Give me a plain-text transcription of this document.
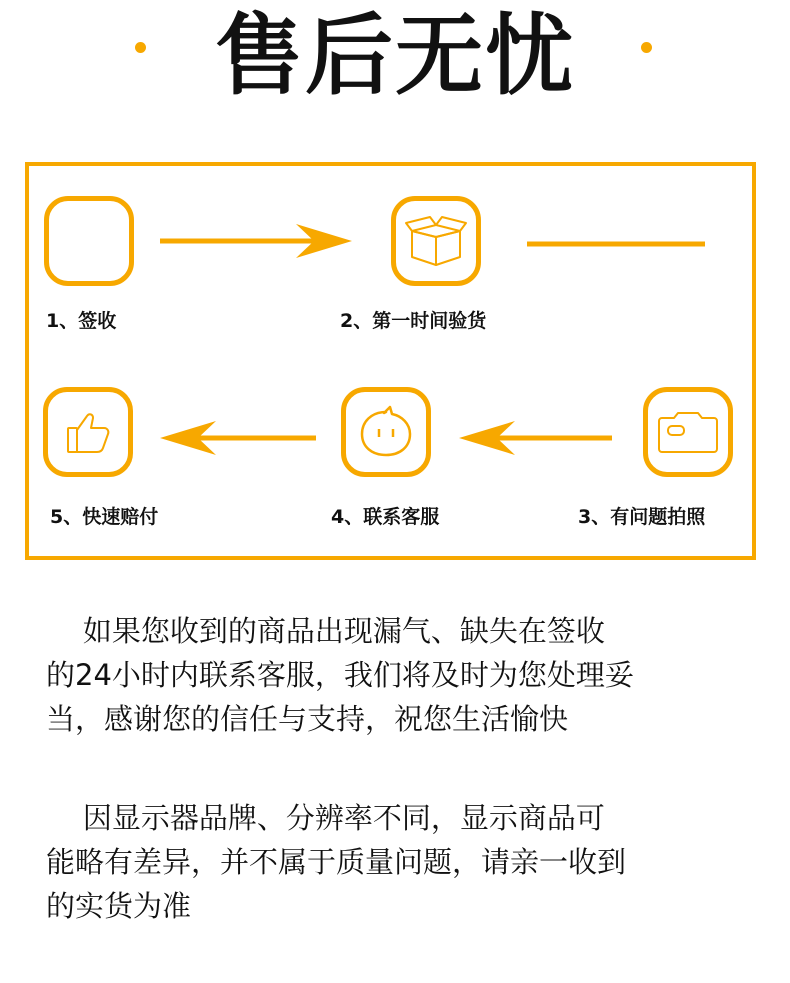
售后无忧
1、签收	2、第一时间验货
3、有问题拍照
4、联系客服
5、快速赔付

如果您收到的商品出现漏气、缺失在签收
的24小时内联系客服，我们将及时为您处理妥
当，感谢您的信任与支持，祝您生活愉快

因显示器品牌、分辨率不同，显示商品可
能略有差异，并不属于质量问题，请亲一收到
的实货为准
